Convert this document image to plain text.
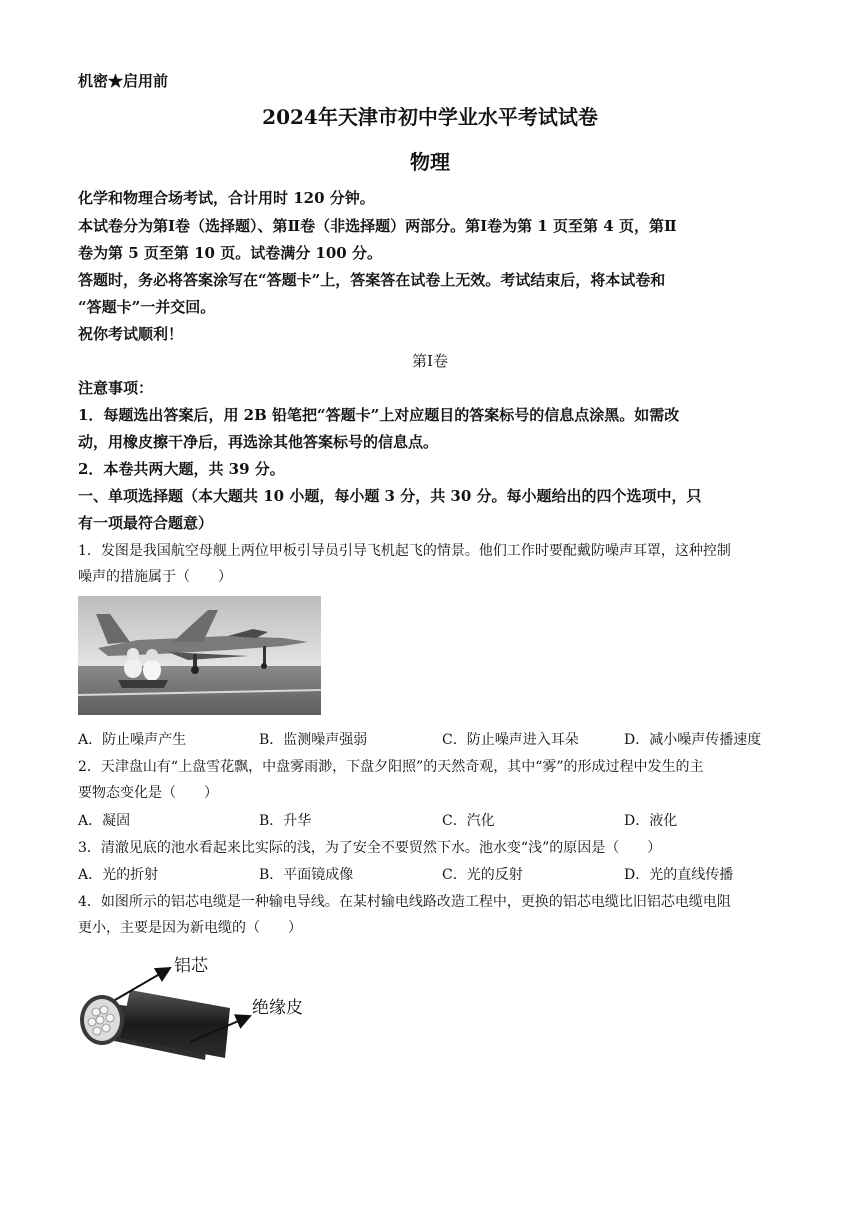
机密★启用前
2024年天津市初中学业水平考试试卷
物理
化学和物理合场考试，合计用时 120 分钟。
本试卷分为第Ⅰ卷（选择题）、第Ⅱ卷（非选择题）两部分。第Ⅰ卷为第 1 页至第 4 页，第Ⅱ
卷为第 5 页至第 10 页。试卷满分 100 分。
答题时，务必将答案涂写在“答题卡”上，答案答在试卷上无效。考试结束后，将本试卷和
“答题卡”一并交回。
祝你考试顺利！
第Ⅰ卷
注意事项：
1．每题选出答案后，用 2B 铅笔把“答题卡”上对应题目的答案标号的信息点涂黑。如需改
动，用橡皮擦干净后，再选涂其他答案标号的信息点。
2．本卷共两大题，共 39 分。
一、单项选择题（本大题共 10 小题，每小题 3 分，共 30 分。每小题给出的四个选项中，只
有一项最符合题意）
1．发图是我国航空母舰上两位甲板引导员引导飞机起飞的情景。他们工作时要配戴防噪声耳罩，这种控制
噪声的措施属于（　　）
A．防止噪声产生	B．监测噪声强弱	C．防止噪声进入耳朵	D．减小噪声传播速度
2．天津盘山有“上盘雪花飘，中盘雾雨渺，下盘夕阳照”的天然奇观，其中“雾”的形成过程中发生的主
要物态变化是（　　）
A．凝固	B．升华	C．汽化	D．液化
3．清澈见底的池水看起来比实际的浅，为了安全不要贸然下水。池水变“浅”的原因是（　　）
A．光的折射	B．平面镜成像	C．光的反射	D．光的直线传播
4．如图所示的铝芯电缆是一种输电导线。在某村输电线路改造工程中，更换的铝芯电缆比旧铝芯电缆电阻
更小，主要是因为新电缆的（　　）
铝芯
绝缘皮
